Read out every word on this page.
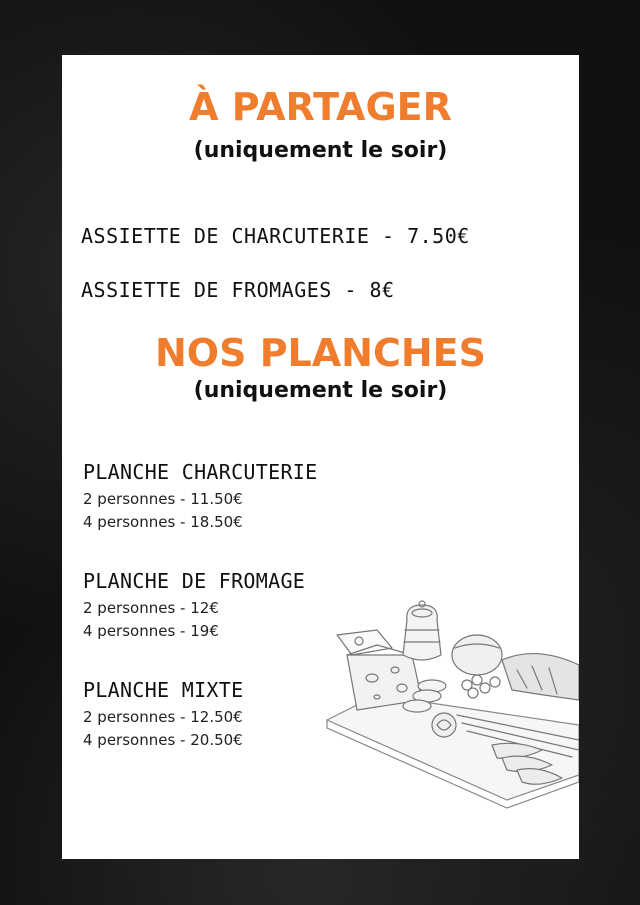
À PARTAGER

(uniquement le soir)

ASSIETTE DE CHARCUTERIE - 7.50€
ASSIETTE DE FROMAGES - 8€
NOS PLANCHES

(uniquement le soir)

PLANCHE CHARCUTERIE

2 personnes - 11.50€

4 personnes - 18.50€

PLANCHE DE FROMAGE

2 personnes - 12€

4 personnes - 19€

PLANCHE MIXTE

2 personnes - 12.50€

4 personnes - 20.50€
